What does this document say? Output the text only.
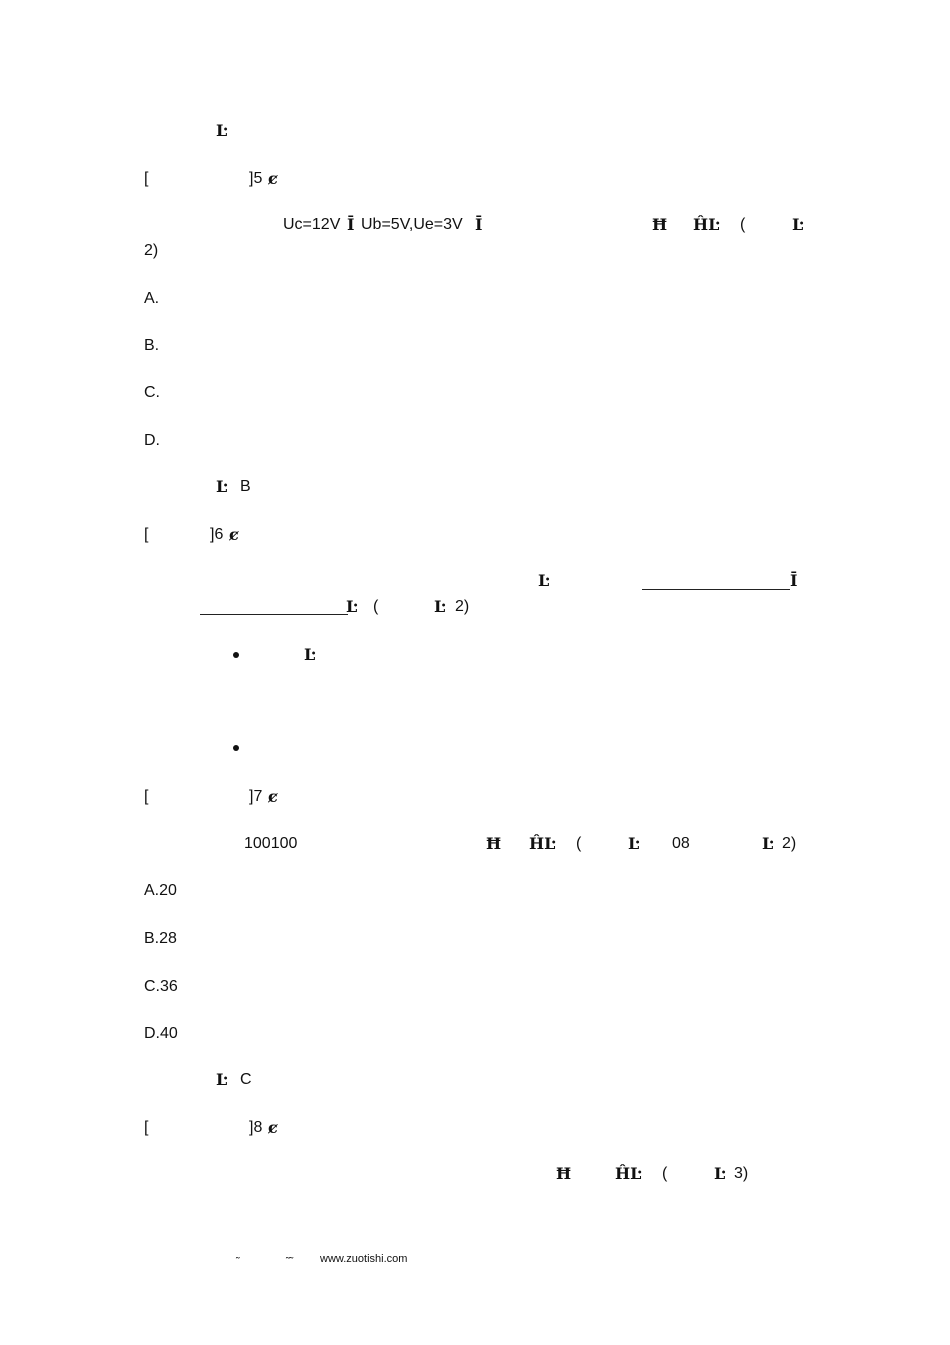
Ŀ
[	]5 ȼ
Uc=12V Ī Ub=5V,Ue=3V Ī	Ħ ĤĿ (	Ŀ
2)
A.
B.
C.
D.
Ŀ B
[	]6 ȼ
Ŀ	Ī
Ŀ (	Ŀ 2)
Ŀ
[	]7 ȼ
100100	Ħ ĤĿ (	Ŀ 08	Ŀ 2)
A.20
B.28
C.36
D.40
Ŀ C
[	]8 ȼ
Ħ	ĤĿ (	Ŀ 3)
˜	˜˜ www.zuotishi.com
